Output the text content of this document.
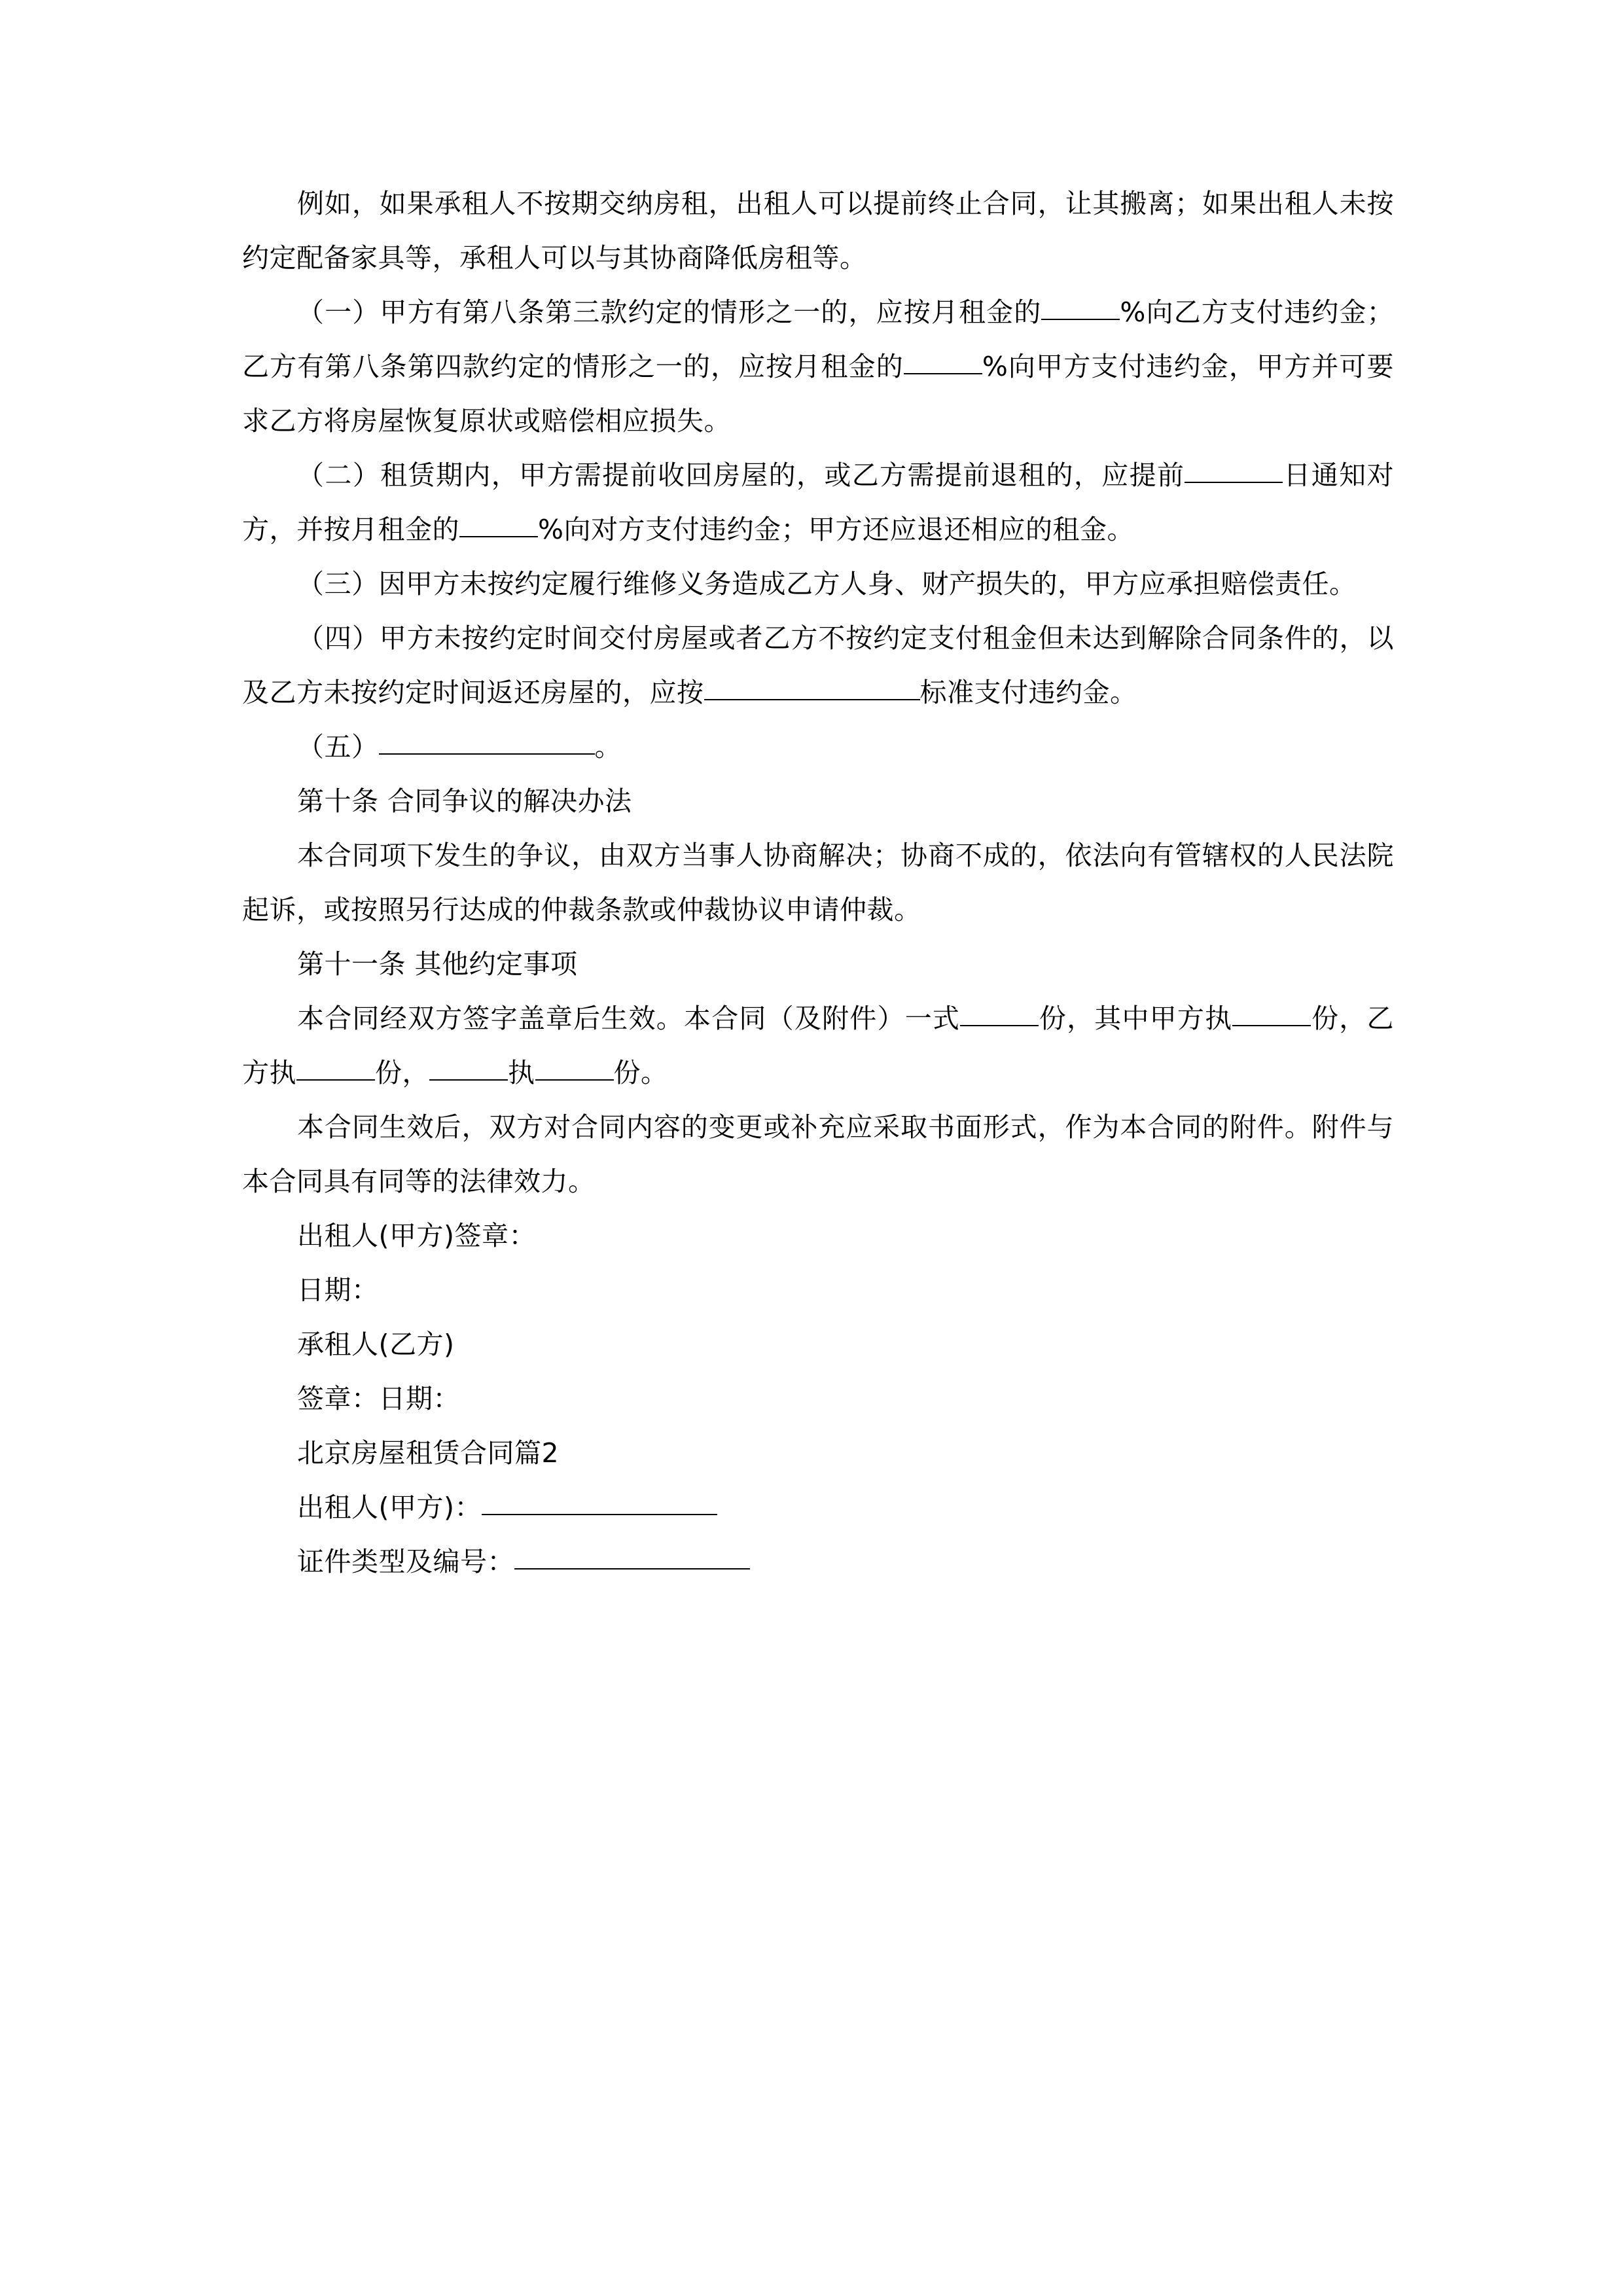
例如，如果承租人不按期交纳房租，出租人可以提前终止合同，让其搬离；如果出租人未按约定配备家具等，承租人可以与其协商降低房租等。

（一）甲方有第八条第三款约定的情形之一的，应按月租金的	%向乙方支付违约金；乙方有第八条第四款约定的情形之一的，应按月租金的	%向甲方支付违约金，甲方并可要求乙方将房屋恢复原状或赔偿相应损失。

（二）租赁期内，甲方需提前收回房屋的，或乙方需提前退租的，应提前	日通知对方，并按月租金的	%向对方支付违约金；甲方还应退还相应的租金。

（三）因甲方未按约定履行维修义务造成乙方人身、财产损失的，甲方应承担赔偿责任。

（四）甲方未按约定时间交付房屋或者乙方不按约定支付租金但未达到解除合同条件的，以及乙方未按约定时间返还房屋的，应按	标准支付违约金。

（五）	。

第十条 合同争议的解决办法

本合同项下发生的争议，由双方当事人协商解决；协商不成的，依法向有管辖权的人民法院起诉，或按照另行达成的仲裁条款或仲裁协议申请仲裁。

第十一条 其他约定事项

本合同经双方签字盖章后生效。本合同（及附件）一式	份，其中甲方执	份，乙方执	份，	执	份。

本合同生效后，双方对合同内容的变更或补充应采取书面形式，作为本合同的附件。附件与本合同具有同等的法律效力。

出租人(甲方)签章：

日期：

承租人(乙方)

签章：日期：

北京房屋租赁合同篇2

出租人(甲方)：

证件类型及编号：
